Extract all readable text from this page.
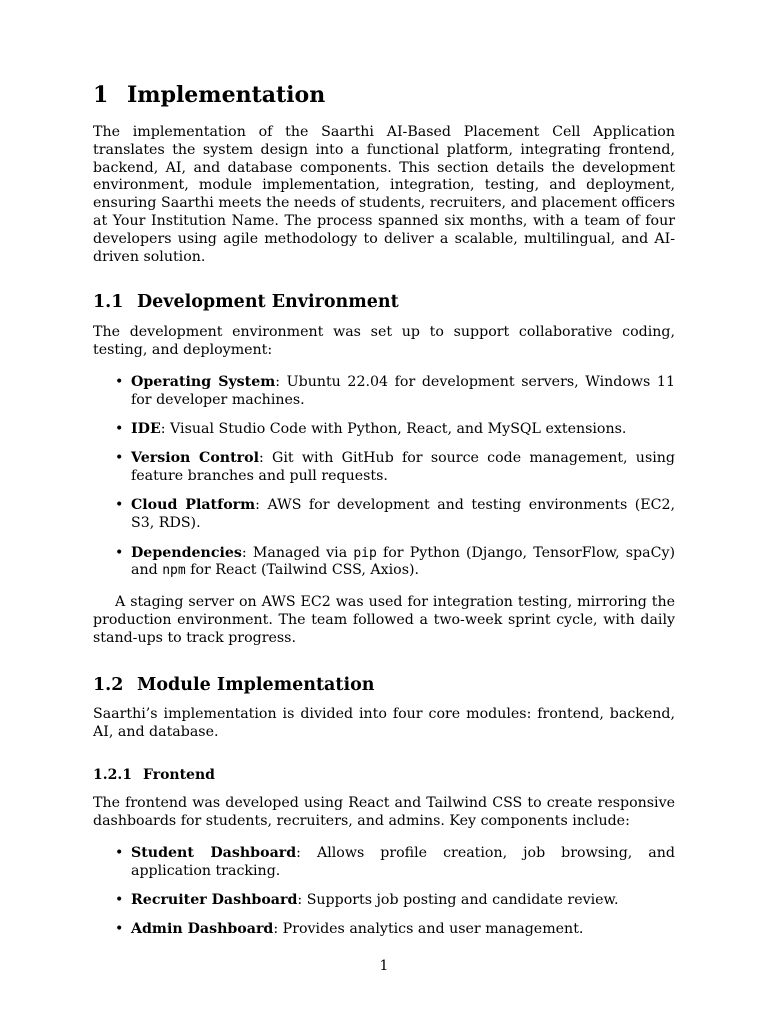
1 Implementation

The implementation of the Saarthi AI-Based Placement Cell Application translates the system design into a functional platform, integrating frontend, backend, AI, and database components. This section details the development environment, module implementation, integration, testing, and deployment, ensuring Saarthi meets the needs of students, recruiters, and placement officers at Your Institution Name. The process spanned six months, with a team of four developers using agile methodology to deliver a scalable, multilingual, and AI-driven solution.

1.1 Development Environment

The development environment was set up to support collaborative coding, testing, and deployment:

• Operating System: Ubuntu 22.04 for development servers, Windows 11 for developer machines.
• IDE: Visual Studio Code with Python, React, and MySQL extensions.
• Version Control: Git with GitHub for source code management, using feature branches and pull requests.
• Cloud Platform: AWS for development and testing environments (EC2, S3, RDS).
• Dependencies: Managed via pip for Python (Django, TensorFlow, spaCy) and npm for React (Tailwind CSS, Axios).

A staging server on AWS EC2 was used for integration testing, mirroring the production environment. The team followed a two-week sprint cycle, with daily stand-ups to track progress.

1.2 Module Implementation

Saarthi’s implementation is divided into four core modules: frontend, backend, AI, and database.

1.2.1 Frontend

The frontend was developed using React and Tailwind CSS to create responsive dashboards for students, recruiters, and admins. Key components include:

• Student Dashboard: Allows profile creation, job browsing, and application tracking.
• Recruiter Dashboard: Supports job posting and candidate review.
• Admin Dashboard: Provides analytics and user management.
1
